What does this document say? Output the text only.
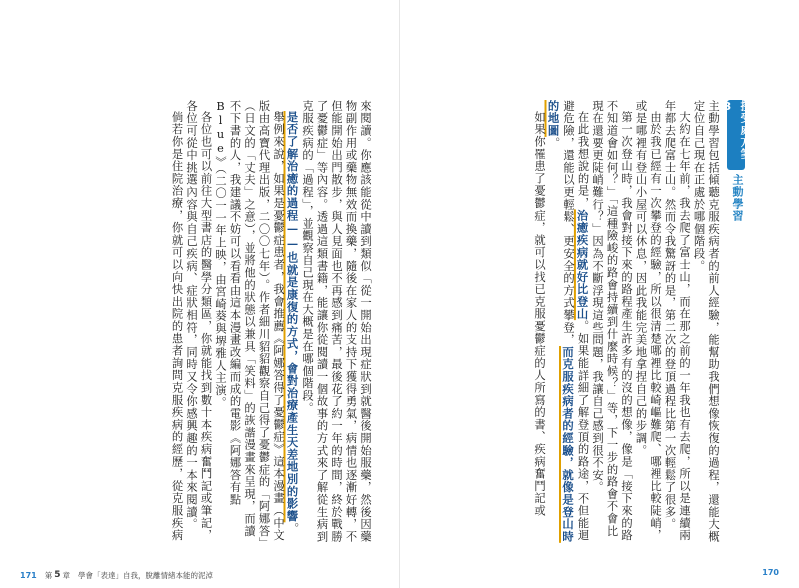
接受處方箋3
主動學習

主動學習包括傾聽克服疾病者的前人經驗，能幫助我們想像恢復的過程，還能大概定位自己現在正處於哪個階段。

大約在七年前，我去爬了富士山，而在那之前的一年我也有去爬，所以是連續兩年都去爬富士山。然而令我驚訝的是，第二次的登頂過程比第一次輕鬆了很多。

由於我已經有一次攀登的經驗，所以很清楚哪裡比較崎嶇難爬、哪裡比較陡峭，或是哪裡有登山小屋可以休息，因此我能完美地拿捏自己的步調。

第一次登山時，我會對接下來的路程產生許多有的沒的想像，像是「接下來的路不知道會如何？」「這種險峻的路會持續到什麼時候？」等，下一步的路會不會比現在還要更陡峭難行？」因為不斷浮現這些問題，我讓自己感到很不安。

在此我想說的是，治癒疾病就好比登山。如果能詳細了解登頂的路途，不但能迴避危險，還能以更輕鬆、更安全的方式攀登，而克服疾病者的經驗，就像是登山時的地圖。

如果你罹患了憂鬱症，就可以找已克服憂鬱症的人所寫的書、疾病奮鬥記或

來閱讀。你應該能從中讀到類似「從一開始出現症狀到就醫後開始服藥，然後因藥物副作用或藥物無效而換藥，隨後在家人的支持下獲得勇氣，病情也逐漸好轉，不但能開始出門散步，與人見面也不再感到痛苦，最後花了約一年的時間，終於戰勝了憂鬱症」等內容。透過這類書籍，能讓你從閱讀一個故事的方式來了解從生病到克服疾病的「過程」，並觀察自己現在大概是在哪個階段。

是否了解治癒的過程——也就是康復的方式，會對治療產生天差地別的影響。

舉例來說，如果是憂鬱症患者，我會推薦《阿娜答得了憂鬱症》這本漫畫（中文版由高寶代理出版，二〇〇七年）。作者細川貂貂觀察自己得了憂鬱症的「阿娜答」（日文的「丈夫」之意），並將他的狀態以兼具「笑料」的詼諧漫畫來呈現，而讀不下書的人，我建議不妨可以看看由這本漫畫改編而成的電影《阿娜答有點 Blue》（二〇一一年上映，由宮崎葵與堺雅人主演。

各位也可以前往大型書店的醫學分類區，你就能找到數十本疾病奮鬥記或筆記，各位可從中挑選內容與自己疾病、症狀相符，同時又令你感興趣的一本來閱讀。

倘若你是住院治療，你就可以向快出院的患者詢問克服疾病的經歷，從克服疾病

171 第 5 章 學會「表達」自我，脫離情緒本能的泥淖	170
